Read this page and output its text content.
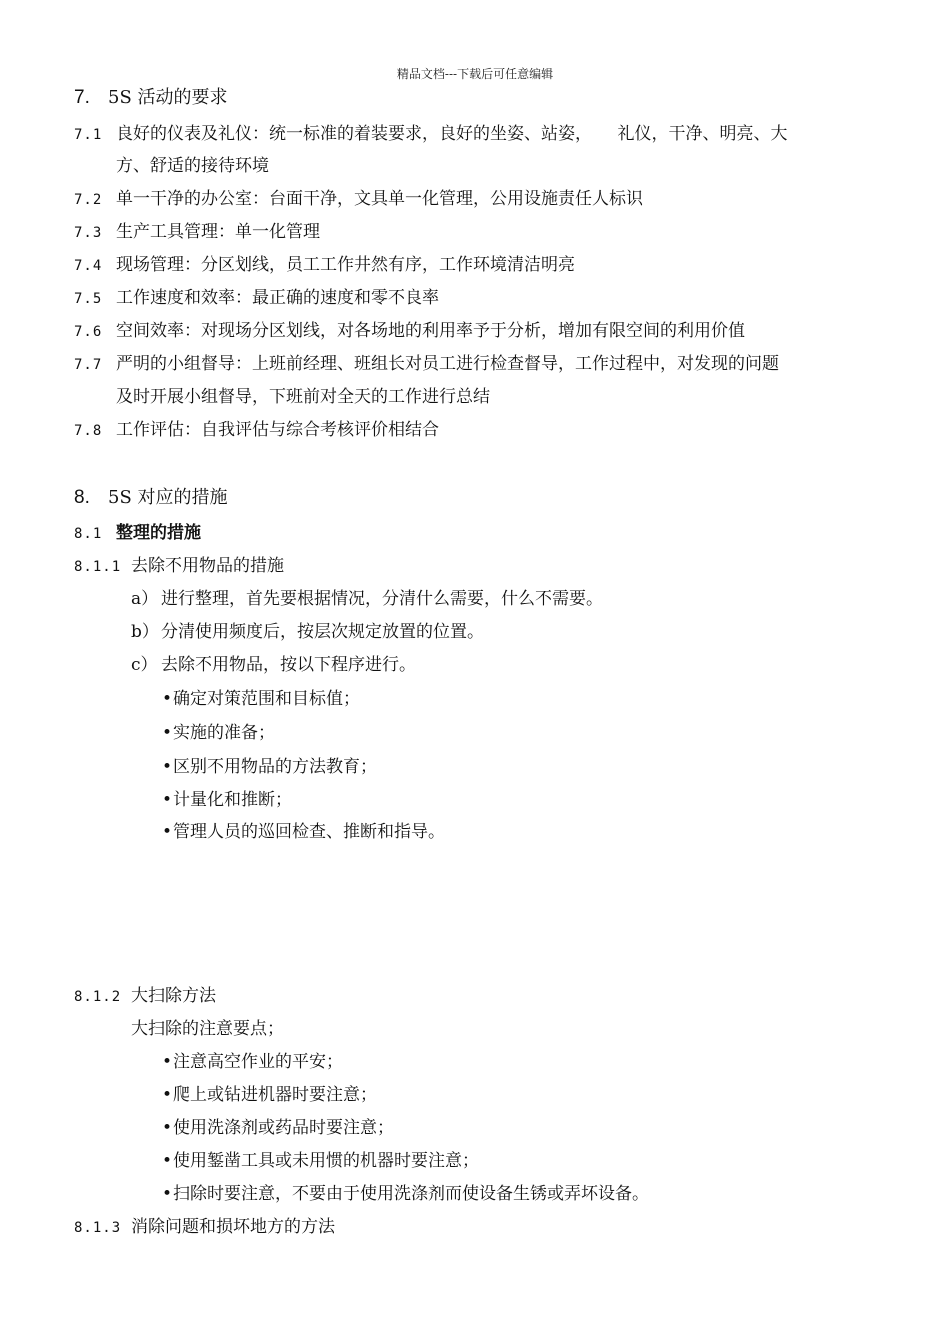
精品文档---下载后可任意编辑
7. 5S 活动的要求
7.1 良好的仪表及礼仪：统一标准的着装要求，良好的坐姿、站姿，　　礼仪，干净、明亮、大
方、舒适的接待环境
7.2 单一干净的办公室：台面干净，文具单一化管理，公用设施责任人标识
7.3 生产工具管理：单一化管理
7.4 现场管理：分区划线，员工工作井然有序，工作环境清洁明亮
7.5 工作速度和效率：最正确的速度和零不良率
7.6 空间效率：对现场分区划线，对各场地的利用率予于分析，增加有限空间的利用价值
7.7 严明的小组督导：上班前经理、班组长对员工进行检查督导，工作过程中，对发现的问题
及时开展小组督导，下班前对全天的工作进行总结
7.8 工作评估：自我评估与综合考核评价相结合
8. 5S 对应的措施
8.1 整理的措施
8.1.1 去除不用物品的措施
a） 进行整理，首先要根据情况，分清什么需要，什么不需要。
b） 分清使用频度后，按层次规定放置的位置。
c） 去除不用物品，按以下程序进行。
•确定对策范围和目标值；
•实施的准备；
•区别不用物品的方法教育；
•计量化和推断；
•管理人员的巡回检查、推断和指导。
8.1.2 大扫除方法
大扫除的注意要点；
•注意高空作业的平安；
•爬上或钻进机器时要注意；
•使用洗涤剂或药品时要注意；
•使用錾凿工具或未用惯的机器时要注意；
•扫除时要注意，不要由于使用洗涤剂而使设备生锈或弄坏设备。
8.1.3 消除问题和损坏地方的方法
